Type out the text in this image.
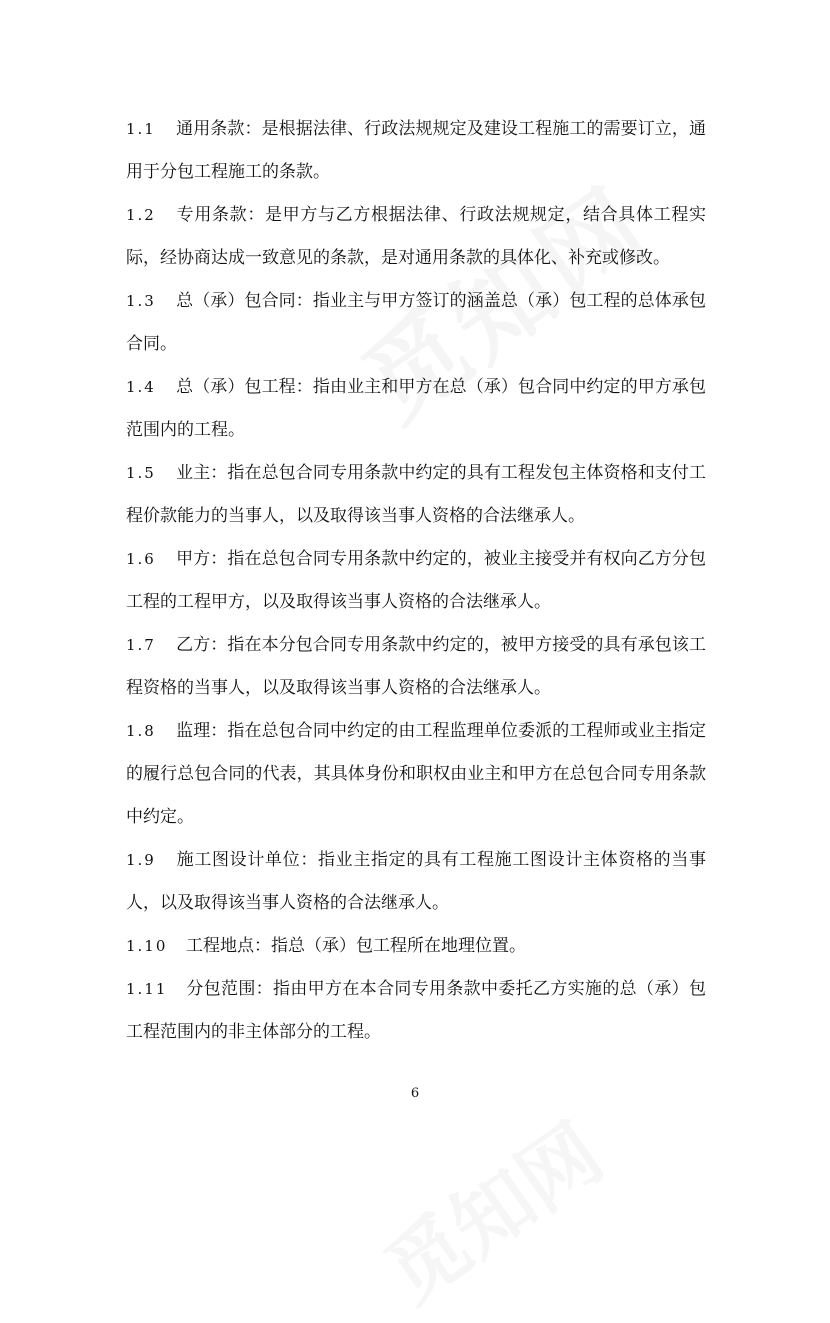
1.1 通用条款：是根据法律、行政法规规定及建设工程施工的需要订立，通用于分包工程施工的条款。

1.2 专用条款：是甲方与乙方根据法律、行政法规规定，结合具体工程实际，经协商达成一致意见的条款，是对通用条款的具体化、补充或修改。

1.3 总（承）包合同：指业主与甲方签订的涵盖总（承）包工程的总体承包合同。

1.4 总（承）包工程：指由业主和甲方在总（承）包合同中约定的甲方承包范围内的工程。

1.5 业主：指在总包合同专用条款中约定的具有工程发包主体资格和支付工程价款能力的当事人，以及取得该当事人资格的合法继承人。

1.6 甲方：指在总包合同专用条款中约定的，被业主接受并有权向乙方分包工程的工程甲方，以及取得该当事人资格的合法继承人。

1.7 乙方：指在本分包合同专用条款中约定的，被甲方接受的具有承包该工程资格的当事人，以及取得该当事人资格的合法继承人。

1.8 监理：指在总包合同中约定的由工程监理单位委派的工程师或业主指定的履行总包合同的代表，其具体身份和职权由业主和甲方在总包合同专用条款中约定。

1.9 施工图设计单位：指业主指定的具有工程施工图设计主体资格的当事人，以及取得该当事人资格的合法继承人。

1.10 工程地点：指总（承）包工程所在地理位置。

1.11 分包范围：指由甲方在本合同专用条款中委托乙方实施的总（承）包工程范围内的非主体部分的工程。

6
